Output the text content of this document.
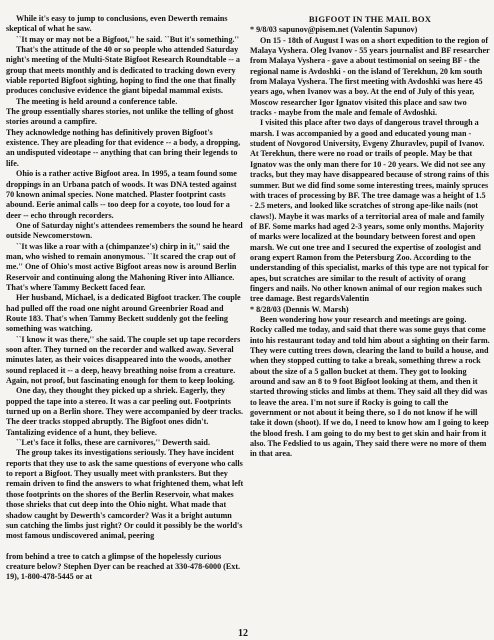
While it's easy to jump to conclusions, even Dewerth remains skeptical of what he saw.

``It may or may not be a Bigfoot,'' he said. ``But it's something.''

That's the attitude of the 40 or so people who attended Saturday night's meeting of the Multi-State Bigfoot Research Roundtable -- a group that meets monthly and is dedicated to tracking down every viable reported Bigfoot sighting, hoping to find the one that finally produces conclusive evidence the giant bipedal mammal exists.

The meeting is held around a conference table.

The group essentially shares stories, not unlike the telling of ghost stories around a campfire.

They acknowledge nothing has definitively proven Bigfoot's existence. They are pleading for that evidence -- a body, a dropping, an undisputed videotape -- anything that can bring their legends to life.

Ohio is a rather active Bigfoot area. In 1995, a team found some droppings in an Urbana patch of woods. It was DNA tested against 70 known animal species. None matched. Plaster footprint casts abound. Eerie animal calls -- too deep for a coyote, too loud for a deer -- echo through recorders.

One of Saturday night's attendees remembers the sound he heard outside Newcomerstown.

``It was like a roar with a (chimpanzee's) chirp in it,'' said the man, who wished to remain anonymous. ``It scared the crap out of me.'' One of Ohio's most active Bigfoot areas now is around Berlin Reservoir and continuing along the Mahoning River into Alliance. That's where Tammy Beckett faced fear.

Her husband, Michael, is a dedicated Bigfoot tracker. The couple had pulled off the road one night around Greenbrier Road and Route 183. That's when Tammy Beckett suddenly got the feeling something was watching.

``I know it was there,'' she said. The couple set up tape recorders soon after. They turned on the recorder and walked away. Several minutes later, as their voices disappeared into the woods, another sound replaced it -- a deep, heavy breathing noise from a creature. Again, not proof, but fascinating enough for them to keep looking.

One day, they thought they picked up a shriek. Eagerly, they popped the tape into a stereo. It was a car peeling out. Footprints turned up on a Berlin shore. They were accompanied by deer tracks. The deer tracks stopped abruptly. The Bigfoot ones didn't. Tantalizing evidence of a hunt, they believe.

``Let's face it folks, these are carnivores,'' Dewerth said.

The group takes its investigations seriously. They have incident reports that they use to ask the same questions of everyone who calls to report a Bigfoot. They usually meet with pranksters. But they remain driven to find the answers to what frightened them, what left those footprints on the shores of the Berlin Reservoir, what makes those shrieks that cut deep into the Ohio night. What made that shadow caught by Dewerth's camcorder? Was it a bright autumn sun catching the limbs just right? Or could it possibly be the world's most famous undiscovered animal, peering

from behind a tree to catch a glimpse of the hopelessly curious creature below? Stephen Dyer can be reached at 330-478-6000 (Ext. 19), 1-800-478-5445 or at

BIGFOOT IN THE MAIL BOX

* 9/8/03 sapunov@pisem.net (Valentin Sapunov)

On 15 - 18th of August I was on a short expedition to the region of Malaya Vyshera. Oleg Ivanov - 55 years journalist and BF researcher from Malaya Vyshera - gave a about testimonial on seeing BF - the regional name is Avdoshki - on the island of Terekhun, 20 km south from Malaya Vyshera. The first meeting with Avdoshki was here 45 years ago, when Ivanov was a boy. At the end of July of this year, Moscow researcher Igor Ignatov visited this place and saw two tracks - maybe from the male and female of Avdoshki.

I visited this place after two days of dangerous travel through a marsh. I was accompanied by a good and educated young man - student of Novgorod University, Evgeny Zhuravlev, pupil of Ivanov. At Terekhun, there were no road or trails of people. May be that Ignatov was the only man there for 10 - 20 years. We did not see any tracks, but they may have disappeared because of strong rains of this summer. But we did find some some interesting trees, mainly spruces with traces of processing by BF. The tree damage was a height of 1.5 - 2.5 meters, and looked like scratches of strong ape-like nails (not claws!). Maybe it was marks of a territorial area of male and family of BF. Some marks had aged 2-3 years, some only months. Majority of marks were localized at the boundary between forest and open marsh. We cut one tree and I secured the expertise of zoologist and orang expert Ramon from the Petersburg Zoo. According to the understanding of this specialist, marks of this type are not typical for apes, but scratches are similar to the result of activity of orang fingers and nails. No other known animal of our region makes such tree damage. Best regardsValentin

* 8/28/03 (Dennis W. Marsh)

Been wondering how your research and meetings are going. Rocky called me today, and said that there was some guys that come into his restaurant today and told him about a sighting on their farm. They were cutting trees down, clearing the land to build a house, and when they stopped cutting to take a break, something threw a rock about the size of a 5 gallon bucket at them. They got to looking around and saw an 8 to 9 foot Bigfoot looking at them, and then it started throwing sticks and limbs at them. They said all they did was to leave the area. I'm not sure if Rocky is going to call the government or not about it being there, so I do not know if he will take it down (shoot). If we do, I need to know how am I going to keep the blood fresh. I am going to do my best to get skin and hair from it also. The Fedslied to us again, They said there were no more of them in that area.

12
